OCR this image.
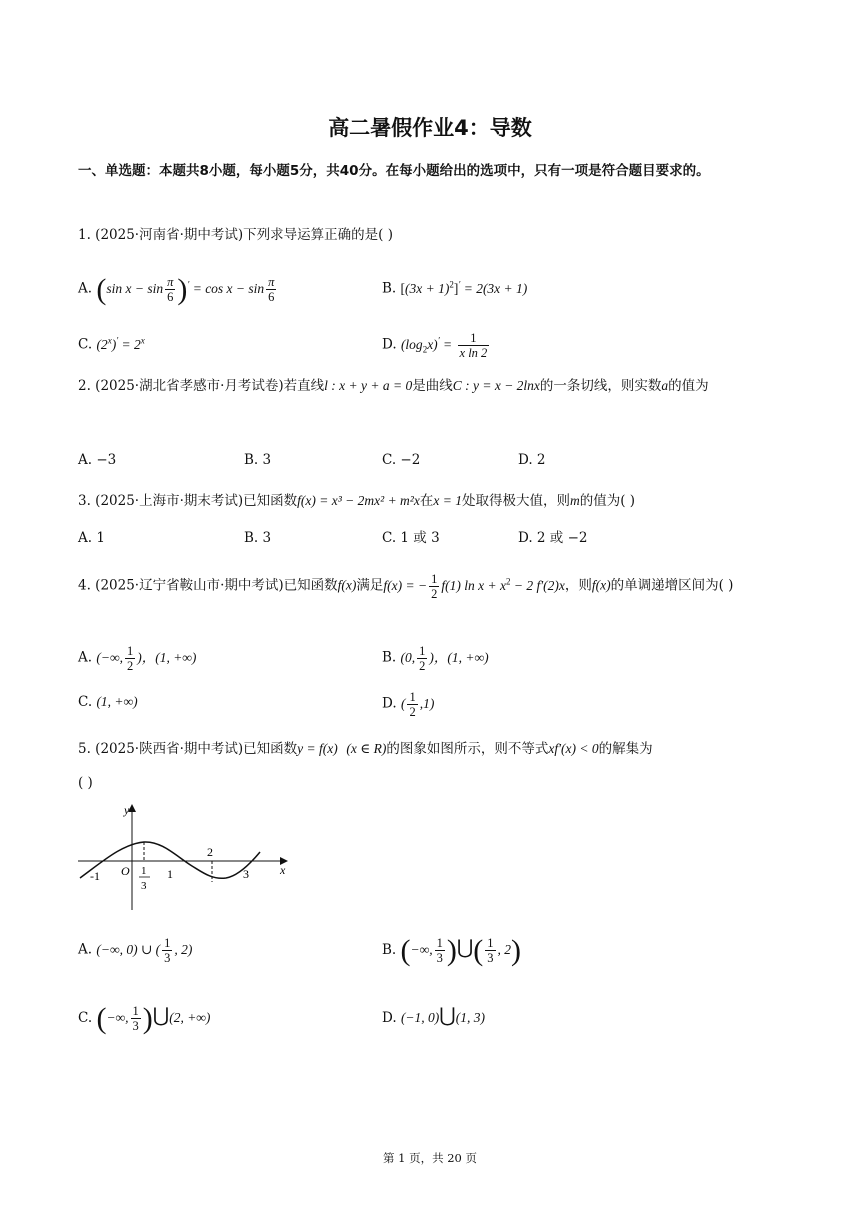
高二暑假作业4：导数
一、单选题：本题共8小题，每小题5分，共40分。在每小题给出的选项中，只有一项是符合题目要求的。
1. (2025·河南省·期中考试)下列求导运算正确的是( )
A. (sin $x - \sin \frac{\pi}{6} )' = \cos x - \sin \frac{\pi}{6}$	B. $[(3x + 1)^2]' = 2(3x + 1)$
C. $(2^x)' = 2^x$	D. $(\log_2x)' = \frac{1}{\text{x ln 2}}$
2. (2025·湖北省孝感市·月考试卷)若直线l : x + y + a = 0是曲线C : y = x − 2lnx的一条切线，则实数a的值为
A. −3	B. 3	C. −2	D. 2
3. (2025·上海市·期末考试)已知函数f(x) = x³ − 2mx² + m²x在x = 1处取得极大值，则m的值为( )
A. 1	B. 3	C. 1 或 3	D. 2 或 −2
4. (2025·辽宁省鞍山市·期中考试)已知函数f(x)满足f(x) = − $\frac{1}{2} f(1)$ $\ln x + x^2 - 2$ f′(2)x，则f(x)的单调递增区间为( )
A. (−∞, $\frac{1}{2}$ )，(1, +∞)	B. (0, $\frac{1}{2}$ )，(1, +∞)
C. (1, +∞)	D. ( $\frac{1}{2} ,1$)
5. (2025·陕西省·期中考试)已知函数y = f(x) (x ∈ R)的图象如图所示，则不等式xf′(x) < 0的解集为
( )
y
x
O
-1	1
3
1
2
3
A. (−∞, 0) ∪ ( $\frac{1}{3}$ , 2)	B. (−∞, $\frac{1}{3}$ )⋃( $\frac{1}{3}$ , 2)
C. (−∞, $\frac{1}{3}$ )⋃(2, +∞)	D. (−1, 0)⋃(1, 3)
第 1 页，共 20 页
